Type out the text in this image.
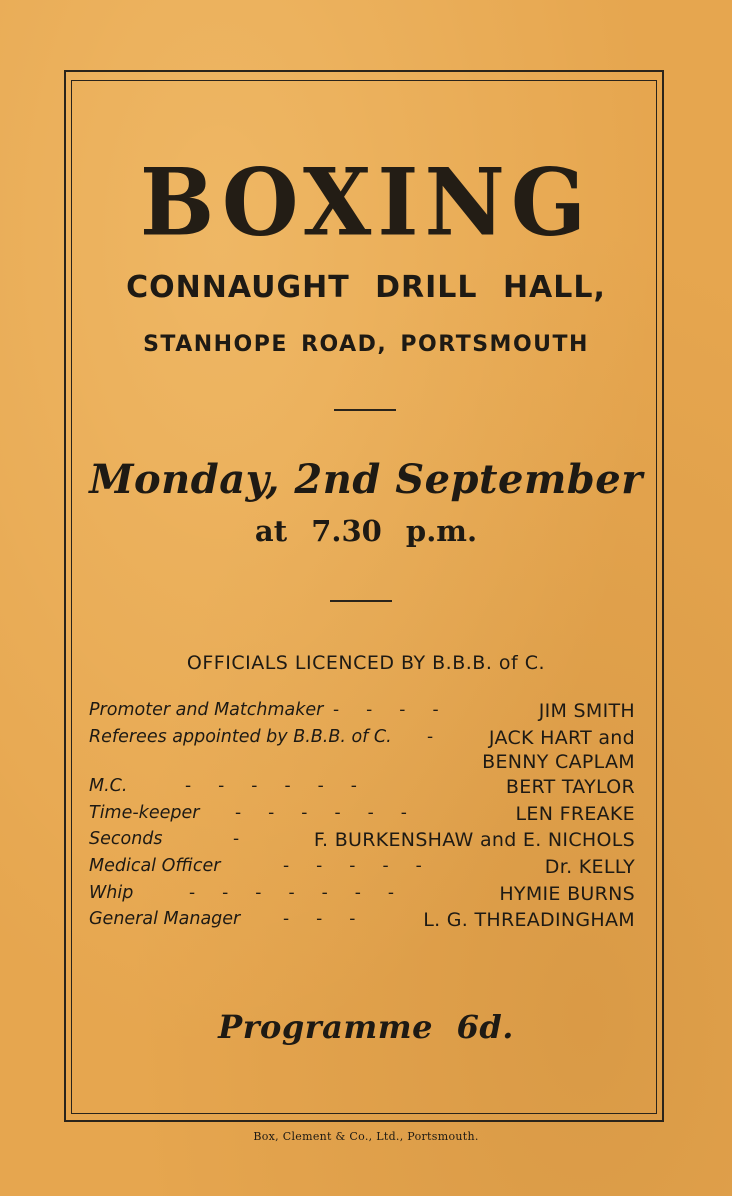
BOXING
CONNAUGHT DRILL HALL,
STANHOPE ROAD, PORTSMOUTH
Monday, 2nd September
at 7.30 p.m.
OFFICIALS LICENCED BY B.B.B. of C.
Promoter and Matchmaker -     -     -     -	JIM SMITH
Referees appointed by B.B.B. of C. -	JACK HART and
BENNY CAPLAM
M.C.	-     -     -     -     -     -	BERT TAYLOR
Time-keeper -     -     -     -     -     -	LEN FREAKE
Seconds	-	F. BURKENSHAW and E. NICHOLS
Medical Officer	-     -     -     -     -	Dr. KELLY
Whip	-     -     -     -     -     -     -	HYMIE BURNS
General Manager	-     -     -	L. G. THREADINGHAM
Programme 6d.
Box, Clement & Co., Ltd., Portsmouth.
